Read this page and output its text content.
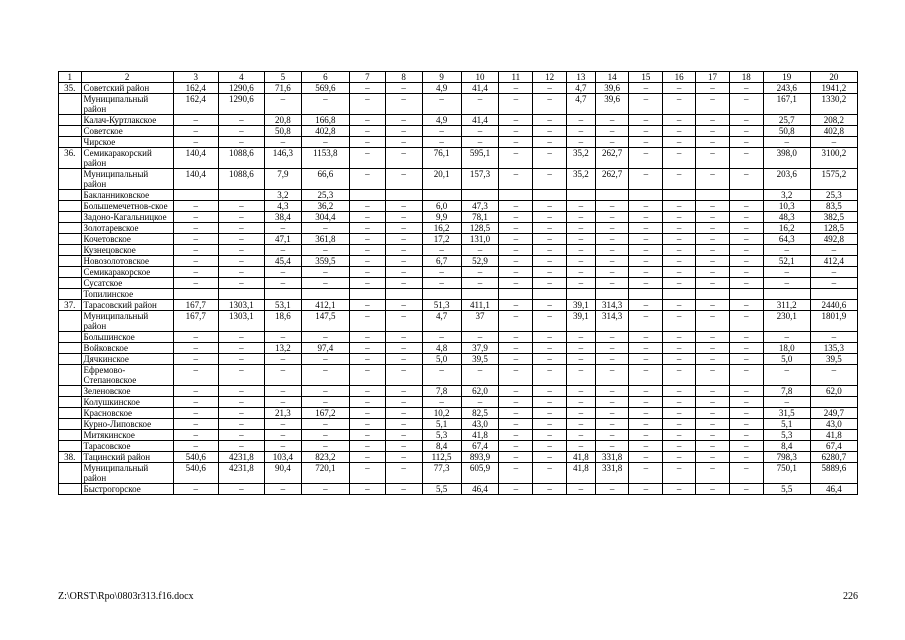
1	2	3	4	5	6	7	8	9	10	11	12	13	14	15	16	17	18	19	20
35.	Советский район	162,4	1290,6	71,6	569,6	–	–	4,9	41,4	–	–	4,7	39,6	–	–	–	–	243,6	1941,2
	Муниципальный район	162,4	1290,6	–	–	–	–	–	–	–	–	4,7	39,6	–	–	–	–	167,1	1330,2
	Калач-Куртлакское	–	–	20,8	166,8	–	–	4,9	41,4	–	–	–	–	–	–	–	–	25,7	208,2
	Советское	–	–	50,8	402,8	–	–	–	–	–	–	–	–	–	–	–	–	50,8	402,8
	Чирское	–	–	–	–	–	–	–	–	–	–	–	–	–	–	–	–	–	–
36.	Семикаракорский район	140,4	1088,6	146,3	1153,8	–	–	76,1	595,1	–	–	35,2	262,7	–	–	–	–	398,0	3100,2
	Муниципальный район	140,4	1088,6	7,9	66,6	–	–	20,1	157,3	–	–	35,2	262,7	–	–	–	–	203,6	1575,2
	Бакланниковское			3,2	25,3													3,2	25,3
	Большемечетнов-ское	–	–	4,3	36,2	–	–	6,0	47,3	–	–	–	–	–	–	–	–	10,3	83,5
	Задоно-Кагальницкое	–	–	38,4	304,4	–	–	9,9	78,1	–	–	–	–	–	–	–	–	48,3	382,5
	Золотаревское	–	–	–	–	–	–	16,2	128,5	–	–	–	–	–	–	–	–	16,2	128,5
	Кочетовское	–	–	47,1	361,8	–	–	17,2	131,0	–	–	–	–	–	–	–	–	64,3	492,8
	Кузнецовское	–	–	–	–	–	–	–	–	–	–	–	–	–	–	–	–	–	–
	Новозолотовское	–	–	45,4	359,5	–	–	6,7	52,9	–	–	–	–	–	–	–	–	52,1	412,4
	Семикаракорское	–	–	–	–	–	–	–	–	–	–	–	–	–	–	–	–	–	–
	Сусатское	–	–	–	–	–	–	–	–	–	–	–	–	–	–	–	–	–	–
	Топилинское																		
37.	Тарасовский район	167,7	1303,1	53,1	412,1	–	–	51,3	411,1	–	–	39,1	314,3	–	–	–	–	311,2	2440,6
	Муниципальный район	167,7	1303,1	18,6	147,5	–	–	4,7	37	–	–	39,1	314,3	–	–	–	–	230,1	1801,9
	Большинское	–	–	–	–	–	–	–	–	–	–	–	–	–	–	–	–	–	–
	Войковское	–	–	13,2	97,4	–	–	4,8	37,9	–	–	–	–	–	–	–	–	18,0	135,3
	Дячкинское	–	–	–	–	–	–	5,0	39,5	–	–	–	–	–	–	–	–	5,0	39,5
	Ефремово-Степановское	–	–	–	–	–	–	–	–	–	–	–	–	–	–	–	–	–	–
	Зеленовское	–	–	–	–	–	–	7,8	62,0	–	–	–	–	–	–	–	–	7,8	62,0
	Колушкинское	–	–	–	–	–	–	–	–	–	–	–	–	–	–	–	–	–	
	Красновское	–	–	21,3	167,2	–	–	10,2	82,5	–	–	–	–	–	–	–	–	31,5	249,7
	Курно-Липовское	–	–	–	–	–	–	5,1	43,0	–	–	–	–	–	–	–	–	5,1	43,0
	Митякинское	–	–	–	–	–	–	5,3	41,8	–	–	–	–	–	–	–	–	5,3	41,8
	Тарасовское	–	–	–	–	–	–	8,4	67,4	–	–	–	–	–	–	–	–	8,4	67,4
38.	Тацинский район	540,6	4231,8	103,4	823,2	–	–	112,5	893,9	–	–	41,8	331,8	–	–	–	–	798,3	6280,7
	Муниципальный район	540,6	4231,8	90,4	720,1	–	–	77,3	605,9	–	–	41,8	331,8	–	–	–	–	750,1	5889,6
	Быстрогорское	–	–	–	–	–	–	5,5	46,4	–	–	–	–	–	–	–	–	5,5	46,4
Z:\ORST\Rpo\0803r313.f16.docx	226
